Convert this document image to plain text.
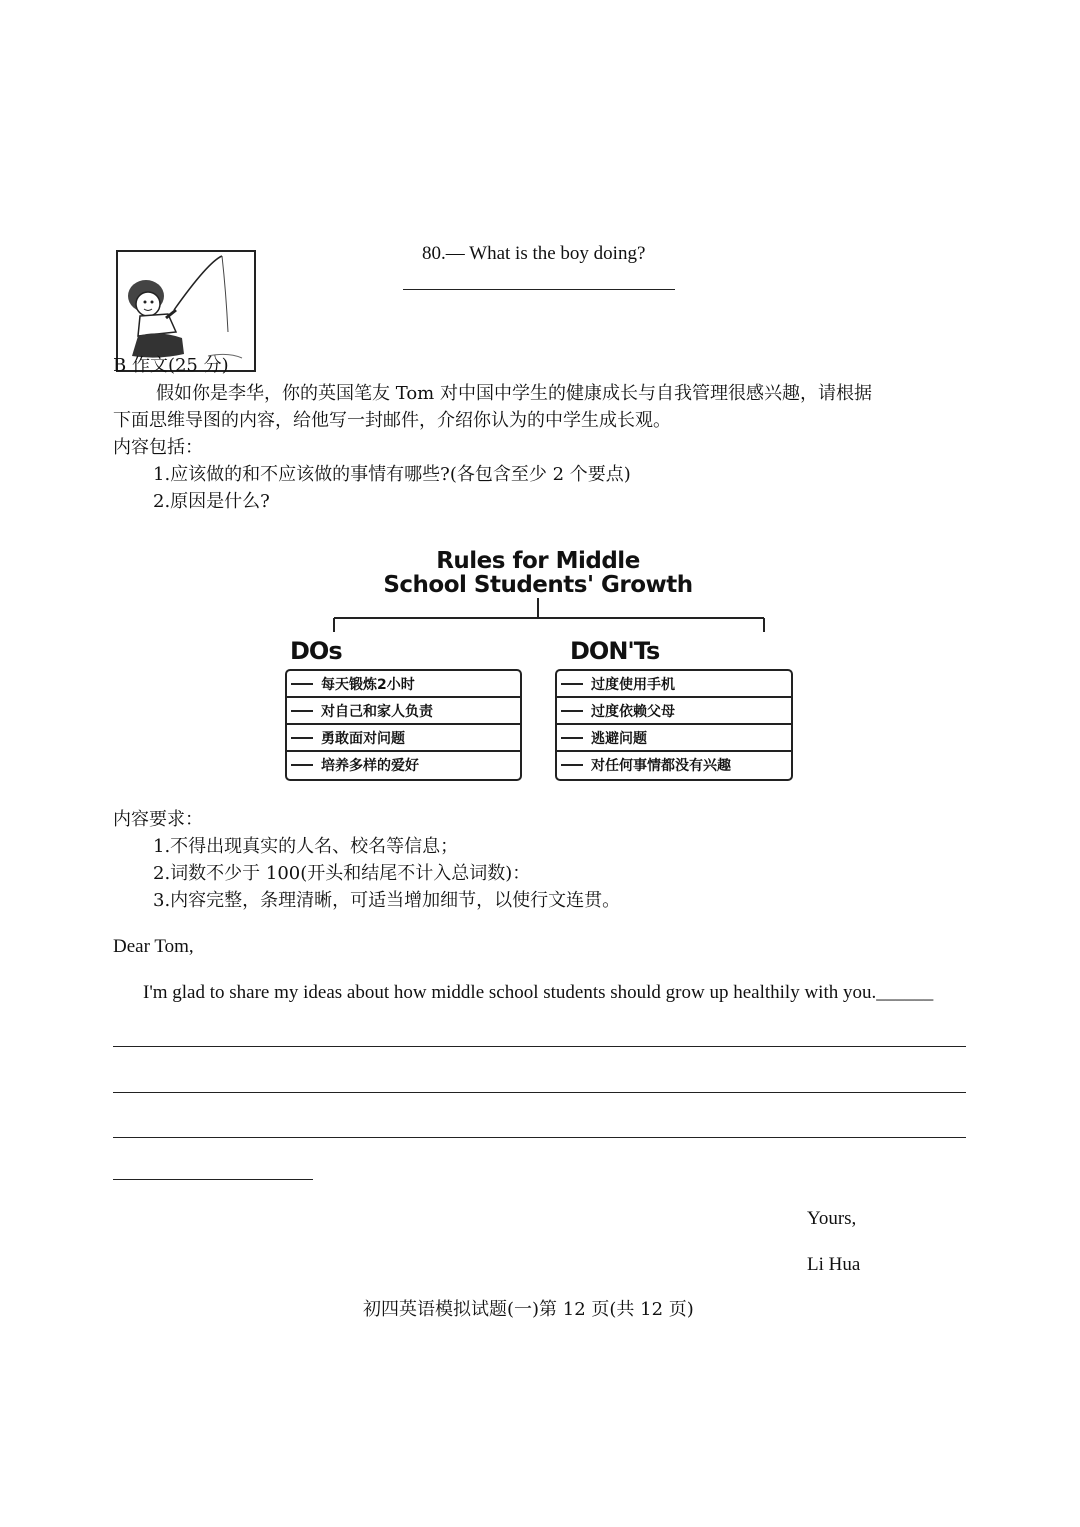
80.— What is the boy doing?
B 作文(25 分)
假如你是李华，你的英国笔友 Tom 对中国中学生的健康成长与自我管理很感兴趣，请根据
下面思维导图的内容，给他写一封邮件，介绍你认为的中学生成长观。
内容包括：
1.应该做的和不应该做的事情有哪些?(各包含至少 2 个要点)
2.原因是什么?
Rules for Middle
School Students' Growth
DOs	DON'Ts
每天锻炼2小时
对自己和家人负责
勇敢面对问题
培养多样的爱好
过度使用手机
过度依赖父母
逃避问题
对任何事情都没有兴趣
内容要求：
1.不得出现真实的人名、校名等信息；
2.词数不少于 100(开头和结尾不计入总词数)：
3.内容完整，条理清晰，可适当增加细节，以使行文连贯。
Dear Tom,
I'm glad to share my ideas about how middle school students should grow up healthily with you.______
Yours,
Li Hua
初四英语模拟试题(一)第 12 页(共 12 页)
